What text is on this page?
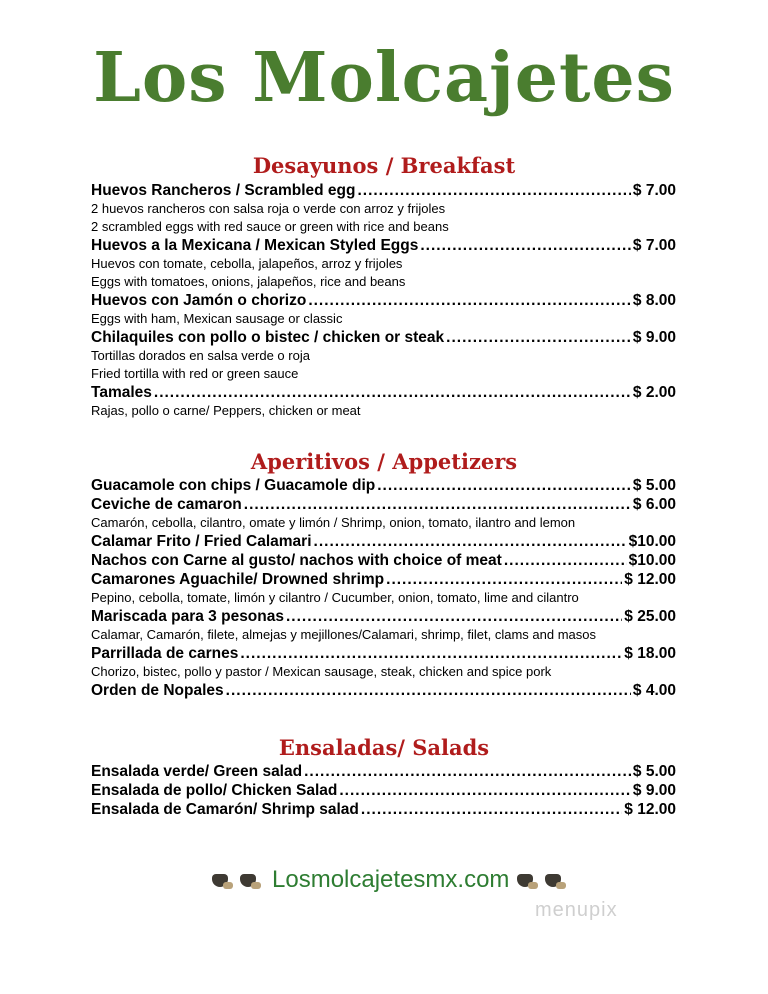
Los Molcajetes
Desayunos / Breakfast
Huevos Rancheros / Scrambled egg .....	$ 7.00
2 huevos rancheros con salsa roja o verde con arroz y frijoles
2 scrambled eggs with red sauce or green with rice and beans
Huevos a la Mexicana / Mexican Styled Eggs .....	$ 7.00
Huevos con tomate, cebolla, jalapeños, arroz y frijoles
Eggs with tomatoes, onions, jalapeños, rice and beans
Huevos con Jamón o chorizo .....	$ 8.00
Eggs with ham, Mexican sausage or classic
Chilaquiles con pollo o bistec / chicken or steak .....	$ 9.00
Tortillas dorados en salsa verde o roja
Fried tortilla with red or green sauce
Tamales .....	$ 2.00
Rajas, pollo o carne/ Peppers, chicken or meat
Aperitivos / Appetizers
Guacamole con chips / Guacamole dip .....	$ 5.00
Ceviche de camaron .....	$ 6.00
Camarón, cebolla, cilantro, omate y limón / Shrimp, onion, tomato, ilantro and lemon
Calamar Frito / Fried Calamari .....	$10.00
Nachos con Carne al gusto/ nachos with choice of meat .....	$10.00
Camarones Aguachile/ Drowned shrimp .....	$ 12.00
Pepino, cebolla, tomate, limón y cilantro / Cucumber, onion, tomato, lime and cilantro
Mariscada para 3 pesonas .....	$ 25.00
Calamar, Camarón, filete, almejas y mejillones/Calamari, shrimp, filet, clams and masos
Parrillada de carnes .....	$ 18.00
Chorizo, bistec, pollo y pastor / Mexican sausage, steak, chicken and spice pork
Orden de Nopales .....	$ 4.00
Ensaladas/ Salads
Ensalada verde/ Green salad .....	$ 5.00
Ensalada de pollo/ Chicken Salad .....	$ 9.00
Ensalada de Camarón/ Shrimp salad .....	$ 12.00
Losmolcajetesmx.com
menupix
